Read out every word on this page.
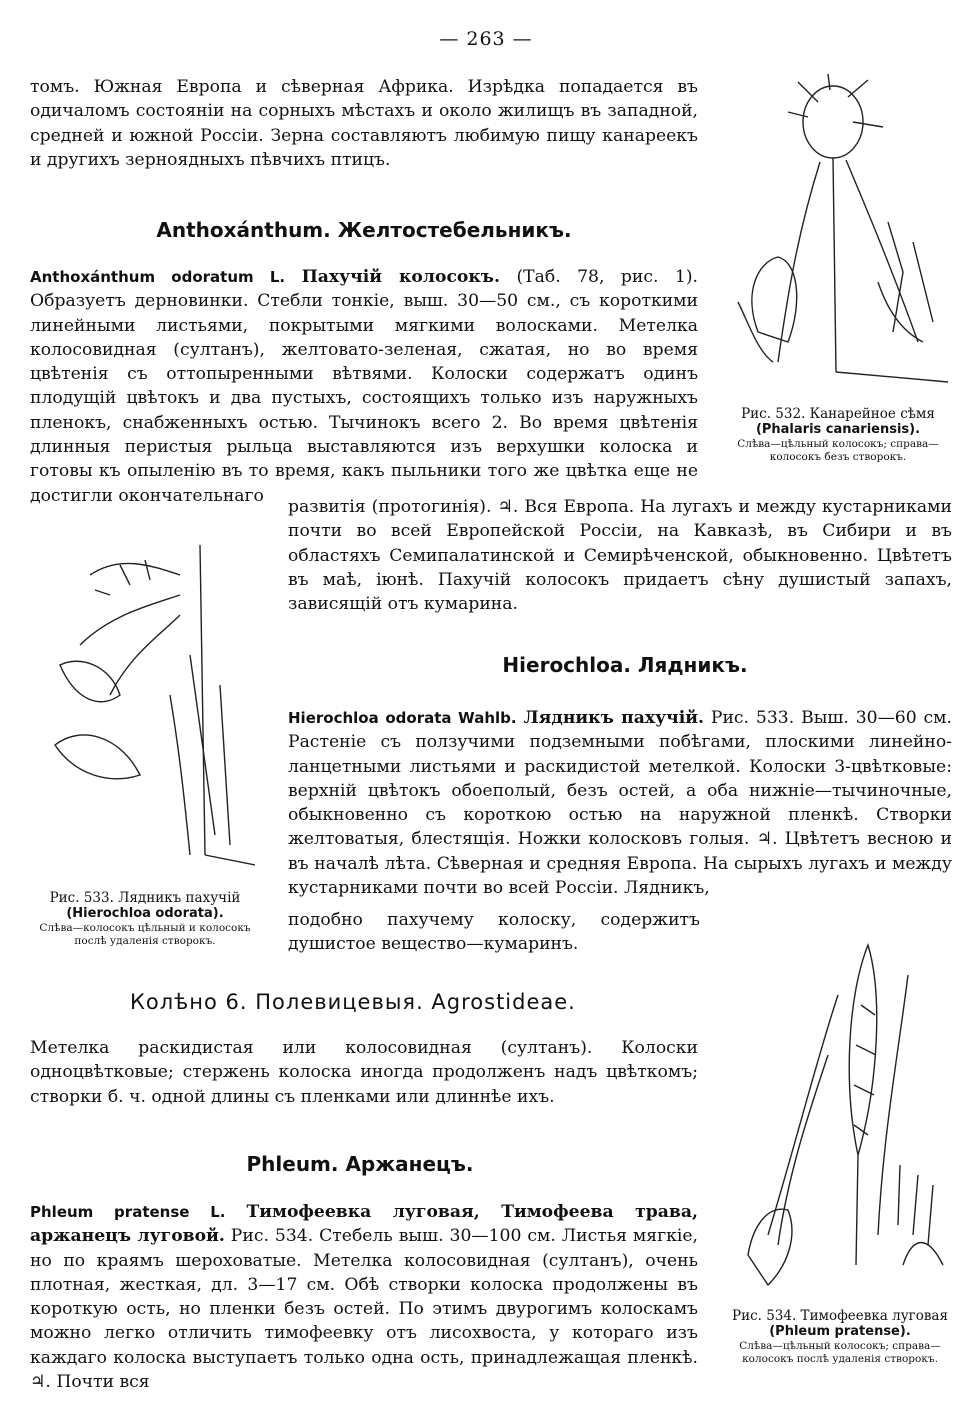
— 263 —
томъ. Южная Европа и сѣверная Африка. Изрѣдка попадается въ одичаломъ состоянiи на сорныхъ мѣстахъ и около жилищъ въ западной, средней и южной Россiи. Зерна составляютъ любимую пищу канареекъ и другихъ зерноядныхъ пѣвчихъ птицъ.
Anthoxánthum. Желтостебельникъ.
Anthoxánthum odoratum L. Пахучiй колосокъ. (Таб. 78, рис. 1). Образуетъ дерновинки. Стебли тонкiе, выш. 30—50 см., съ короткими линейными листьями, покрытыми мягкими волосками. Метелка колосовидная (султанъ), желтовато-зеленая, сжатая, но во время цвѣтенiя съ оттопыренными вѣтвями. Колоски содержатъ одинъ плодущiй цвѣтокъ и два пустыхъ, состоящихъ только изъ наружныхъ пленокъ, снабженныхъ остью. Тычинокъ всего 2. Во время цвѣтенiя длинныя перистыя рыльца выставляются изъ верхушки колоска и готовы къ опыленiю въ то время, какъ пыльники того же цвѣтка еще не достигли окончательнаго
развитiя (протогинiя). ♃. Вся Европа. На лугахъ и между кустарниками почти во всей Европейской Россiи, на Кавказѣ, въ Сибири и въ областяхъ Семипалатинской и Семирѣченской, обыкновенно. Цвѣтетъ въ маѣ, iюнѣ. Пахучiй колосокъ придаетъ сѣну душистый запахъ, зависящiй отъ кумарина.
Hierochloa. Лядникъ.
Hierochloa odorata Wahlb. Лядникъ пахучiй. Рис. 533. Выш. 30—60 см. Растенiе съ ползучими подземными побѣгами, плоскими линейно-ланцетными листьями и раскидистой метелкой. Колоски 3-цвѣтковые: верхнiй цвѣтокъ обоеполый, безъ остей, а оба нижнiе—тычиночные, обыкновенно съ короткою остью на наружной пленкѣ. Створки желтоватыя, блестящiя. Ножки колосковъ голыя. ♃. Цвѣтетъ весною и въ началѣ лѣта. Сѣверная и средняя Европа. На сырыхъ лугахъ и между кустарниками почти во всей Россiи. Лядникъ,
подобно пахучему колоску, содержитъ душистое вещество—кумаринъ.
Колѣно 6. Полевицевыя. Agrostideae.
Метелка раскидистая или колосовидная (султанъ). Колоски одноцвѣтковые; стержень колоска иногда продолженъ надъ цвѣткомъ; створки б. ч. одной длины съ пленками или длиннѣе ихъ.
Phleum. Аржанецъ.
Phleum pratense L. Тимофеевка луговая, Тимофеева трава, аржанецъ луговой. Рис. 534. Стебель выш. 30—100 см. Листья мягкiе, но по краямъ шероховатые. Метелка колосовидная (султанъ), очень плотная, жесткая, дл. 3—17 см. Обѣ створки колоска продолжены въ короткую ость, но пленки безъ остей. По этимъ двурогимъ колоскамъ можно легко отличить тимофеевку отъ лисохвоста, у котораго изъ каждаго колоска выступаетъ только одна ость, принадлежащая пленкѣ. ♃. Почти вся
Рис. 532. Канарейное сѣмя
(Phalaris canariensis).
Слѣва—цѣльный колосокъ; справа—колосокъ безъ створокъ.
Рис. 533. Лядникъ пахучiй
(Hierochloa odorata).
Слѣва—колосокъ цѣльный и колосокъ послѣ удаленiя створокъ.
Рис. 534. Тимофеевка луговая
(Phleum pratense).
Слѣва—цѣльный колосокъ; справа—колосокъ послѣ удаленiя створокъ.
